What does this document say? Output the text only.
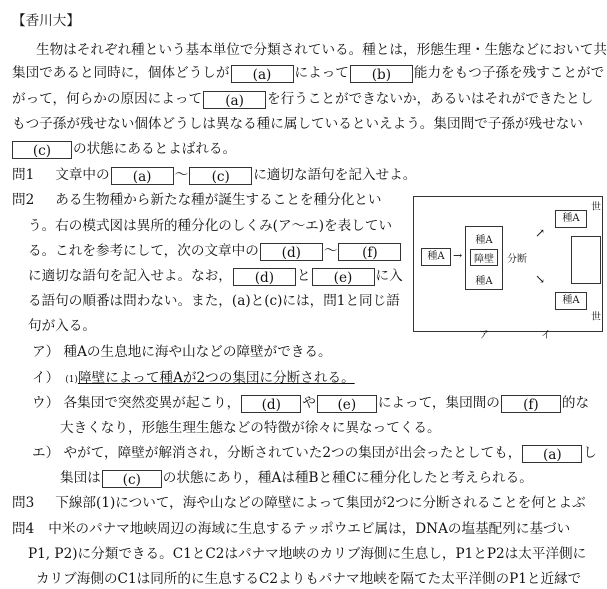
【香川大】
生物はそれぞれ種という基本単位で分類されている。種とは，形態生理・生態などにおいて共
集団であると同時に，個体どうしが (a) によって (b) 能力をもつ子孫を残すことがで
がって，何らかの原因によって (a) を行うことができないか，あるいはそれができたとし
もつ子孫が残せない個体どうしは異なる種に属しているといえよう。集団間で子孫が残せない
(c) の状態にあるとよばれる。
問1 文章中の (a) 〜 (c) に適切な語句を記入せよ。
問2 ある生物種から新たな種が誕生することを種分化とい
う。右の模式図は異所的種分化のしくみ(ア〜エ)を表してい
る。これを参考にして，次の文章中の (d) 〜 (f)
に適切な語句を記入せよ。なお， (d) と (e) に入
る語句の順番は問わない。また，(a)と(c)には，問1と同じ語
句が入る。
種A →
種A
障壁
種A
分断
↗
↘
種A
種A
世
世
ア	イ
ア） 種Aの生息地に海や山などの障壁ができる。
イ） (1)障壁によって種Aが2つの集団に分断される。
ウ） 各集団で突然変異が起こり， (d) や (e) によって，集団間の (f) 的な
大きくなり，形態生理生態などの特徴が徐々に異なってくる。
エ） やがて，障壁が解消され，分断されていた2つの集団が出会ったとしても， (a) し
集団は (c) の状態にあり，種Aは種Bと種Cに種分化したと考えられる。
問3 下線部(1)について，海や山などの障壁によって集団が2つに分断されることを何とよぶ
問4 中米のパナマ地峡周辺の海域に生息するテッポウエビ属は，DNAの塩基配列に基づい
P1, P2)に分類できる。C1とC2はパナマ地峡のカリブ海側に生息し，P1とP2は太平洋側に
カリブ海側のC1は同所的に生息するC2よりもパナマ地峡を隔てた太平洋側のP1と近縁で
